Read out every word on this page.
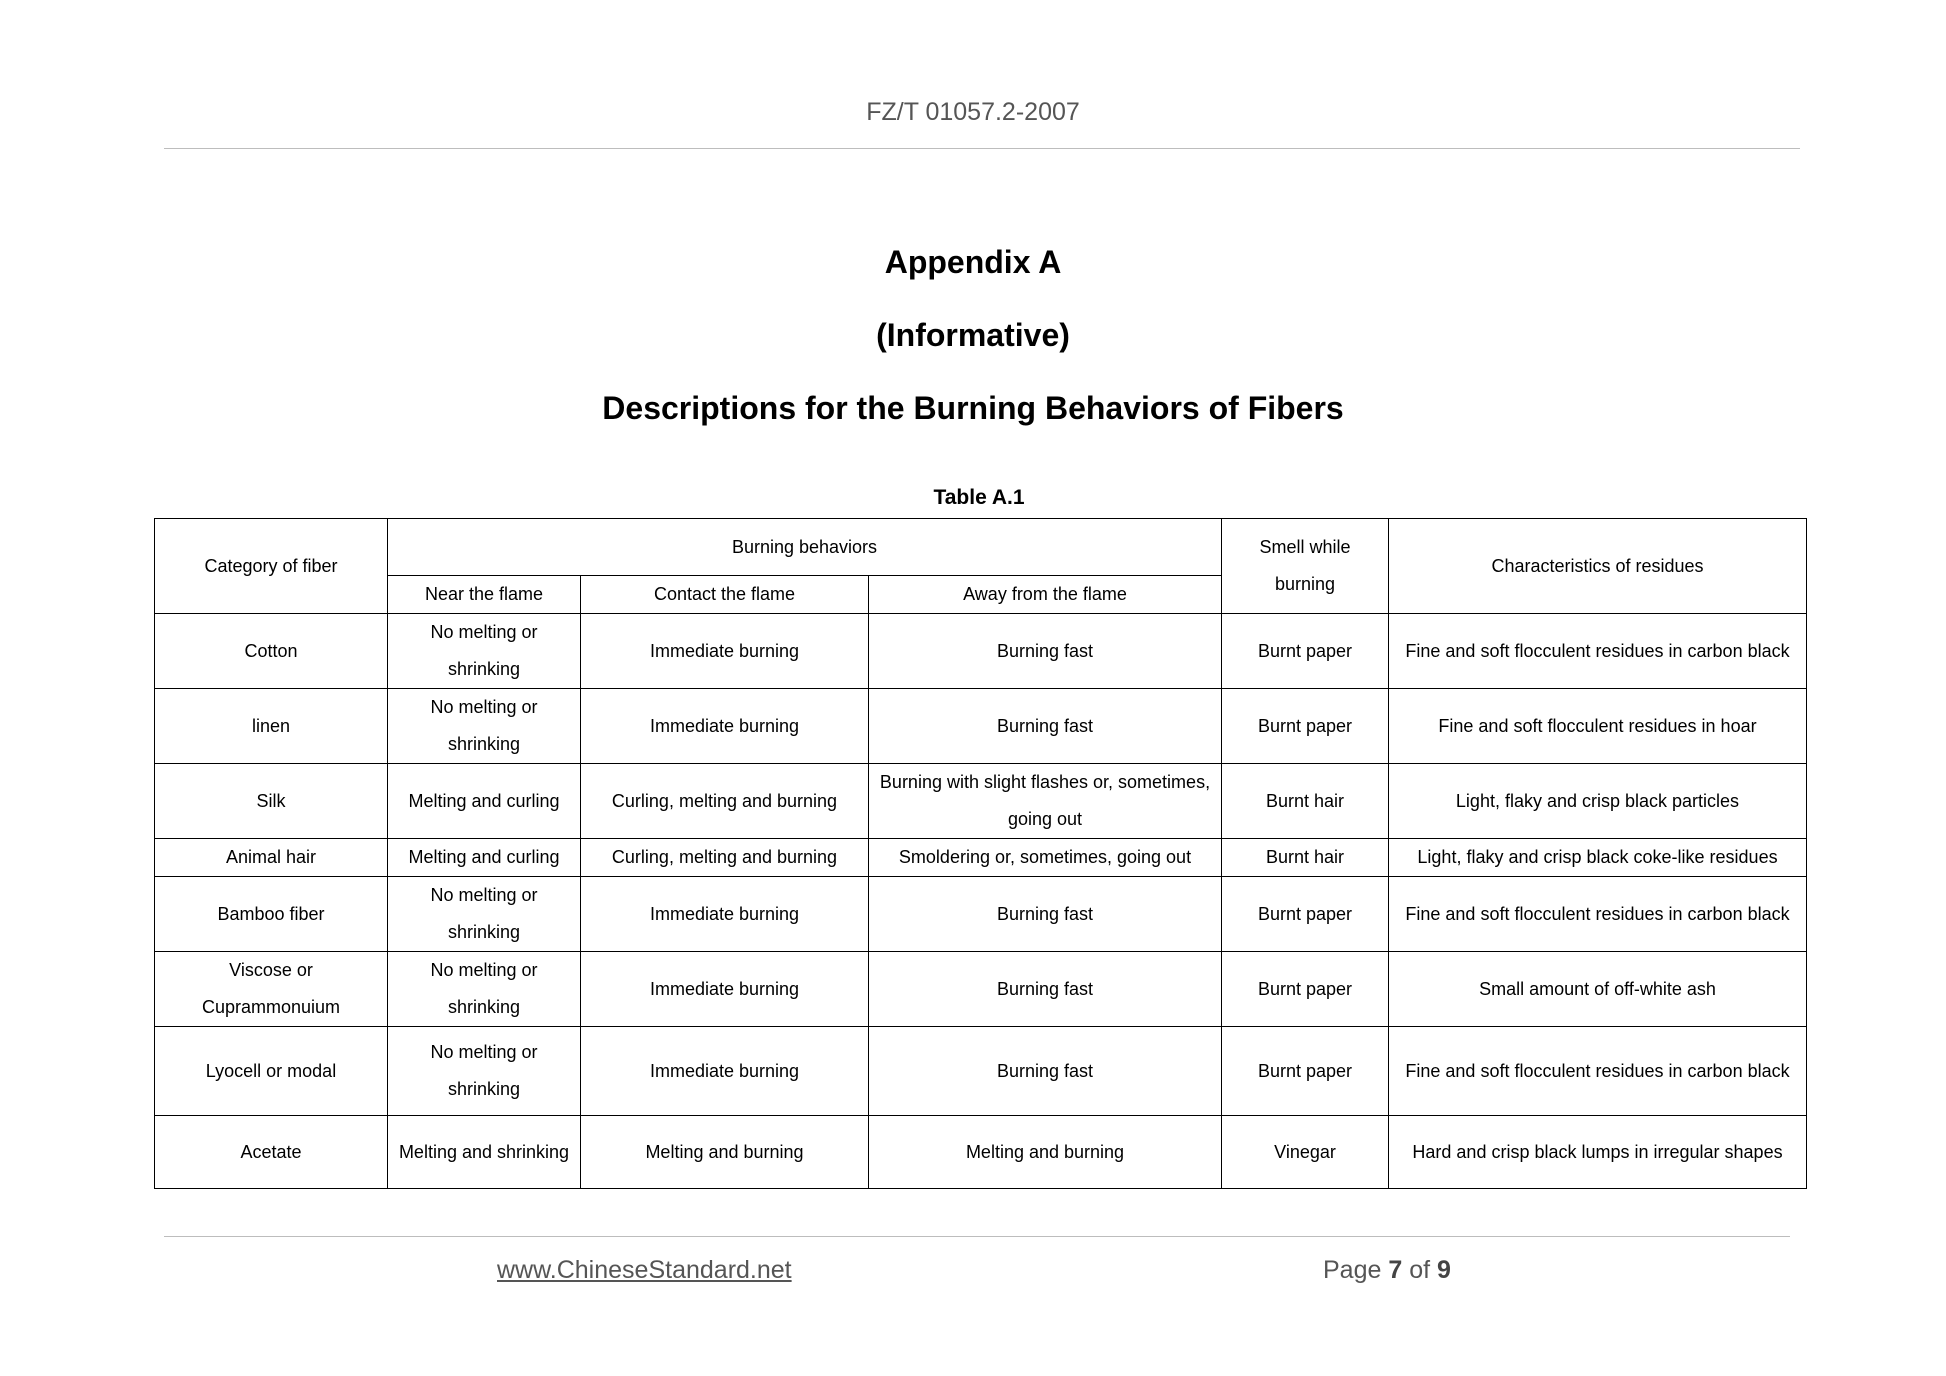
FZ/T 01057.2-2007
Appendix A
(Informative)
Descriptions for the Burning Behaviors of Fibers
Table A.1
Category of fiber	Burning behaviors			Smell while burning	Characteristics of residues
	Near the flame	Contact the flame	Away from the flame		
Cotton	No melting or shrinking	Immediate burning	Burning fast	Burnt paper	Fine and soft flocculent residues in carbon black
linen	No melting or shrinking	Immediate burning	Burning fast	Burnt paper	Fine and soft flocculent residues in hoar
Silk	Melting and curling	Curling, melting and burning	Burning with slight flashes or, sometimes, going out	Burnt hair	Light, flaky and crisp black particles
Animal hair	Melting and curling	Curling, melting and burning	Smoldering or, sometimes, going out	Burnt hair	Light, flaky and crisp black coke-like residues
Bamboo fiber	No melting or shrinking	Immediate burning	Burning fast	Burnt paper	Fine and soft flocculent residues in carbon black
Viscose or Cuprammonuium	No melting or shrinking	Immediate burning	Burning fast	Burnt paper	Small amount of off-white ash
Lyocell or modal	No melting or shrinking	Immediate burning	Burning fast	Burnt paper	Fine and soft flocculent residues in carbon black
Acetate	Melting and shrinking	Melting and burning	Melting and burning	Vinegar	Hard and crisp black lumps in irregular shapes
www.ChineseStandard.net	Page 7 of 9
